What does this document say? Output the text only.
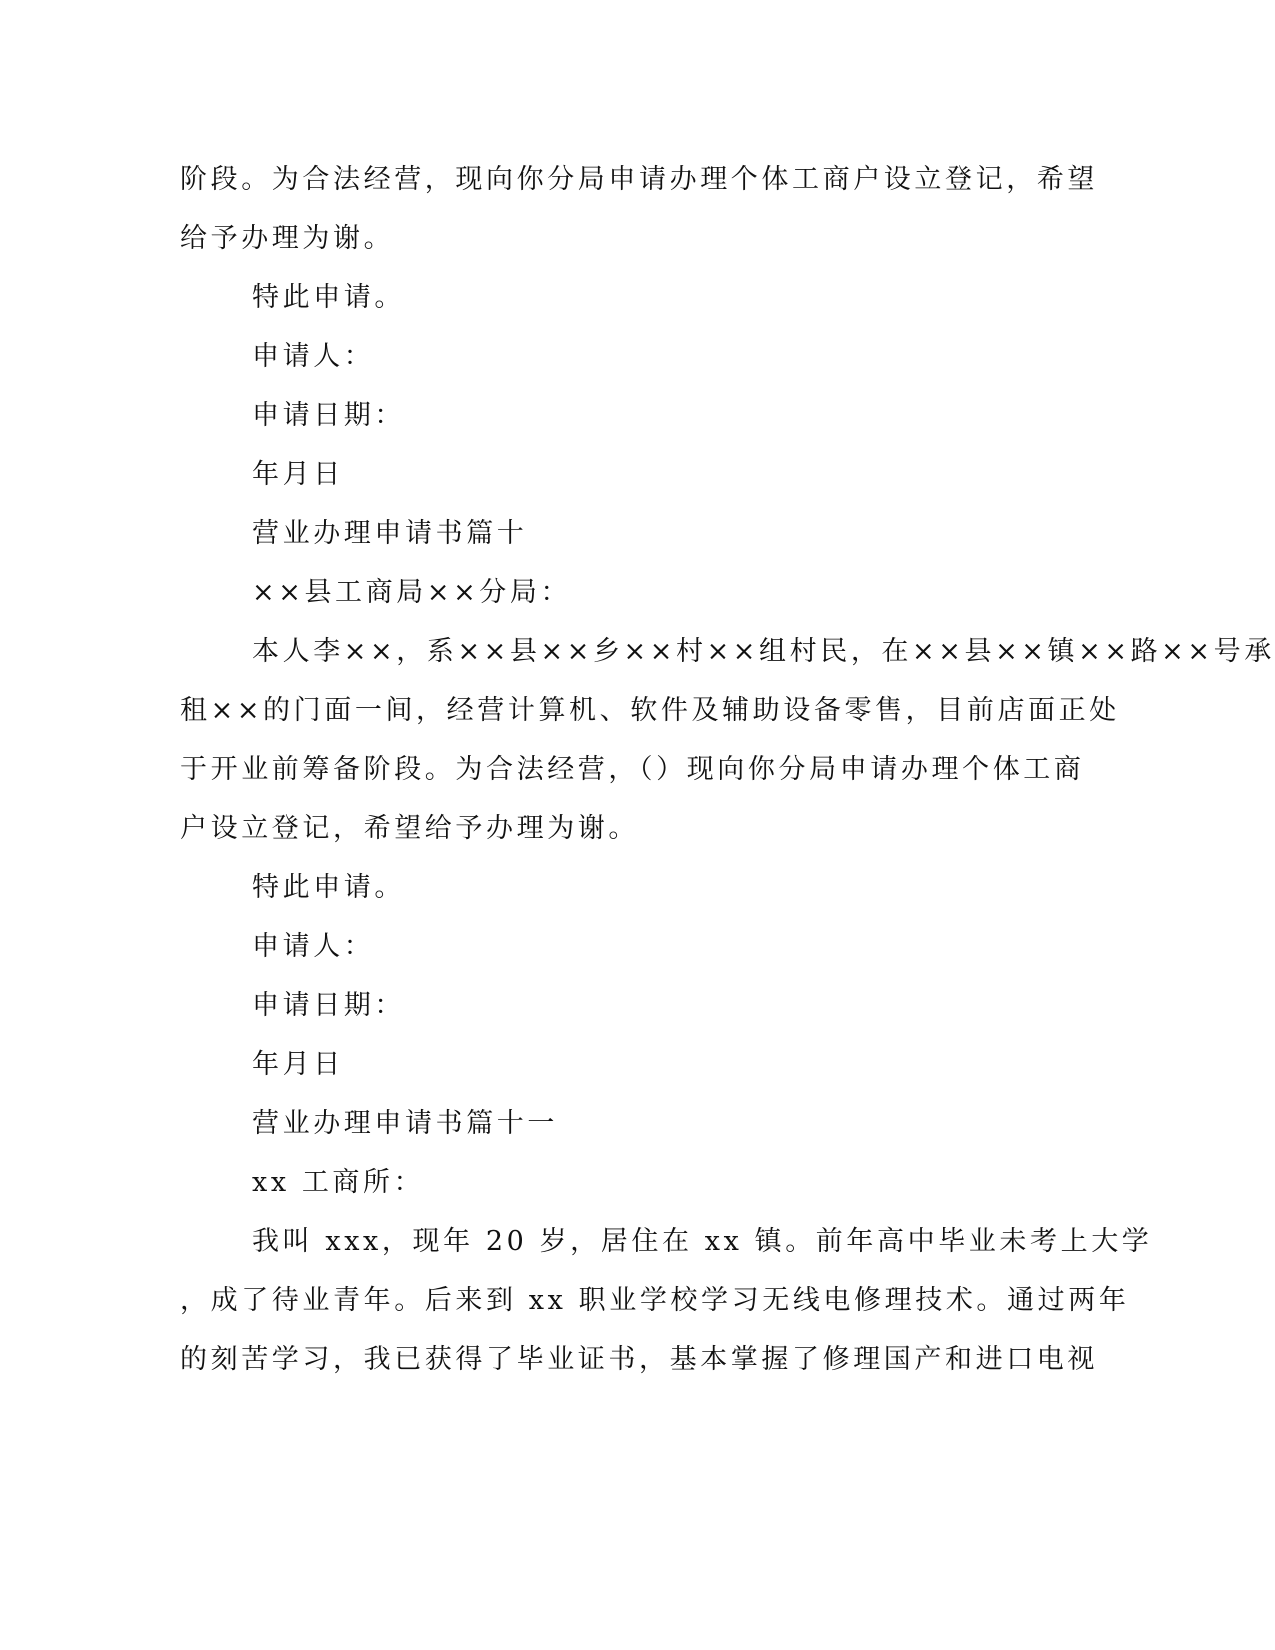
阶段。为合法经营，现向你分局申请办理个体工商户设立登记，希望

给予办理为谢。

特此申请。

申请人：

申请日期：

年月日

营业办理申请书篇十

××县工商局××分局：

本人李××，系××县××乡××村××组村民，在××县××镇××路××号承

租××的门面一间，经营计算机、软件及辅助设备零售，目前店面正处

于开业前筹备阶段。为合法经营，（）现向你分局申请办理个体工商

户设立登记，希望给予办理为谢。

特此申请。

申请人：

申请日期：

年月日

营业办理申请书篇十一

xx 工商所：

我叫 xxx，现年 20 岁，居住在 xx 镇。前年高中毕业未考上大学

，成了待业青年。后来到 xx 职业学校学习无线电修理技术。通过两年

的刻苦学习，我已获得了毕业证书，基本掌握了修理国产和进口电视
